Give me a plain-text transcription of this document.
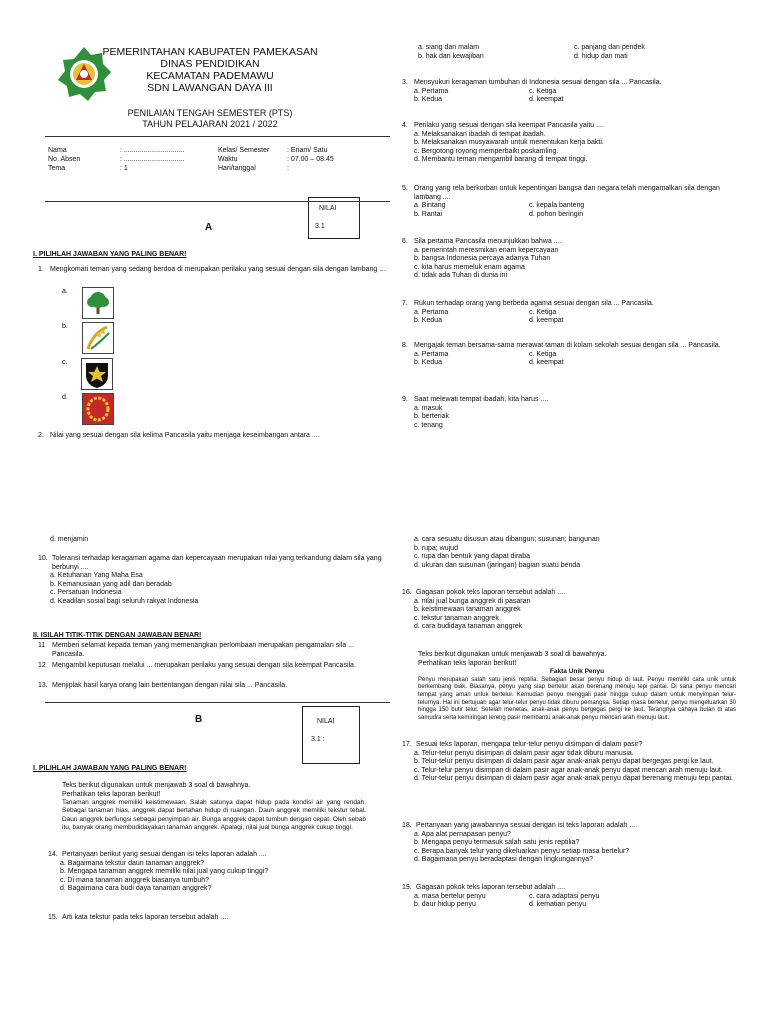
PEMERINTAHAN KABUPATEN PAMEKASAN
DINAS PENDIDIKAN
KECAMATAN PADEMAWU
SDN LAWANGAN DAYA III
PENILAIAN TENGAH SEMESTER (PTS)
TAHUN PELAJARAN 2021 / 2022
Nama	: ...............................	Kelas/ Semester	: Enam/ Satu
No. Absen	: ...............................	Waktu	: 07.00 – 08.45
Tema	: 1	Hari/tanggal	:
NILAI
3.1
A
I. PILIHLAH JAWABAN YANG PALING BENAR!
1. Mengkomati teman yang sedang berdoa di merupakan perilaku yang sesuai dengan sila dengan lambang ....
a.
b.
c.
d.
2. Nilai yang sesuai dengan sila kelima Pancasila yaitu menjaga keseimbangan antara ....
d. menjamin
10. Toleransi terhadap keragaman agama dan kepercayaan merupakan nilai yang terkandung dalam sila yang berbunyi ....
a. Ketuhanan Yang Maha Esa
b. Kemanusiaan yang adil dan beradab
c. Persatuan Indonesia
d. Keadilan sosial bagi seluruh rakyat Indonesia
II. ISILAH TITIK-TITIK DENGAN JAWABAN BENAR!
11 Memberi selamat kepada teman yang memenangkan perlombaan merupakan pengamalan sila ... Pancasila.
12 Mengambil keputusan melalui ... merupakan perilaku yang sesuai dengan sila keempat Pancasila.
13. Menjiplak hasil karya orang lain bertentangan dengan nilai sila ... Pancasila.
B	NILAI
3.1 :
I. PILIHLAH JAWABAN YANG PALING BENAR!
Teks berikut digunakan untuk menjawab 3 soal di bawahnya.
Perhatikan teks laporan berikut!
Tanaman anggrek memiliki keistimewaan. Salah satunya dapat hidup pada kondisi air yang rendah. Sebagai tanaman hias, anggrek dapat bertahan hidup di ruangan. Daun anggrek memiliki tekstur tebal. Daun anggrek berfungsi sebagai penyimpan air. Bunga anggrek dapat tumbuh dengan cepat. Oleh sebab itu, banyak orang membudidayakan tanaman anggrek. Apalagi, nilai jual bunga anggrek cukup tinggi.
14. Pertanyaan berikut yang sesuai dengan isi teks laporan adalah ....
a. Bagaimana tekstur daun tanaman anggrek?
b. Mengapa tanaman anggrek memiliki nilai jual yang cukup tinggi?
c. Di mana tanaman anggrek biasanya tumbuh?
d. Bagaimana cara budi daya tanaman anggrek?
15. Arti kata tekstur pada teks laporan tersebut adalah ....
a. siang dan malam	c. panjang dan pendek
b. hak dan kewajiban	d. hidup dan mati
3. Mensyukuri keragaman tumbuhan di Indonesia sesuai dengan sila ... Pancasila.
a. Pertama	c. Ketiga
b. Kedua	d. keempat
4. Perilaku yang sesuai dengan sila keempat Pancasila yaitu ....
a. Melaksanakan ibadah di tempat ibadah.
b. Melaksanakan musyawarah untuk menentukan kerja bakti.
c. Bergotong royong memperbaiki poskamling.
d. Membantu teman mengambil barang di tempat tinggi.
5. Orang yang rela berkorban untuk kepentingan bangsa dan negara telah mengamalkan sila dengan lambang ....
a. Bintang	c. kepala banteng
b. Rantai	d. pohon beringin
6. Sila pertama Pancasila menunjukkan bahwa ....
a. pemerintah meresmikan enam kepercayaan
b. bangsa Indonesia percaya adanya Tuhan
c. kita harus memeluk enam agama
d. tidak ada Tuhan di dunia ini
7. Rukun terhadap orang yang berbeda agama sesuai dengan sila ... Pancasila.
a. Pertama	c. Ketiga
b. Kedua	d. keempat
8. Mengajak teman bersama-sama merawat taman di kolam sekolah sesuai dengan sila ... Pancasila.
a. Pertama	c. Ketiga
b. Kedua	d. keempat
9. Saat melewati tempat ibadah, kita harus ....
a. masuk
b. berteriak
c. tenang
a. cara sesuatu disusun atau dibangun; susunan; bangunan
b. rupa; wujud
c. rupa dan bentuk yang dapat diraba
d. ukuran dan susunan (jaringan) bagian suatu benda
16. Gagasan pokok teks laporan tersebut adalah ....
a. nilai jual bunga anggrek di pasaran
b. keistimewaan tanaman anggrek
c. tekstur tanaman anggrek
d. cara budidaya tanaman anggrek
Teks berikut digunakan untuk menjawab 3 soal di bawahnya.
Perhatikan teks laporan berikut!
Fakta Unik Penyu
Penyu merupakan salah satu jenis reptilia. Sebagian besar penyu hidup di laut. Penyu memiliki cara unik untuk berkembang biak. Biasanya, penyu yang siap bertelur akan berenang menuju tepi pantai. Di sana penyu mencari tempat yang aman untuk bertelur. Kemudian penyu menggali pasir hingga cukup dalam untuk menyimpan telur-telurnya. Hal ini bertujuan agar telur-telur penyu tidak diburu pemangsa. Setiap masa bertelur, penyu mengeluarkan 30 hingga 150 butir telur. Setelah menetas, anak-anak penyu bergegas pergi ke laut. Terangnya cahaya bulan di atas samudra serta kemiringan lereng pasir membantu anak-anak penyu mencari arah menuju laut.
17. Sesuai teks laporan, mengapa telur-telur penyu disimpan di dalam pasir?
a. Telur-telur penyu disimpan di dalam pasir agar tidak diburu manusia.
b. Telur-telur penyu disimpan di dalam pasir agar anak-anak penyu dapat bergegas pergi ke laut.
c. Telur-telur penyu disimpan di dalam pasir agar anak-anak penyu dapat mencari arah menuju laut.
d. Telur-telur penyu disimpan di dalam pasir agar anak-anak penyu dapat berenang menuju tepi pantai.
18. Pertanyaan yang jawabannya sesuai dengan isi teks laporan adalah ....
a. Apa alat pernapasan penyu?
b. Mengapa penyu termasuk salah satu jenis reptilia?
c. Berapa banyak telur yang dikeluarkan penyu setiap masa bertelur?
d. Bagaimana penyu beradaptasi dengan lingkungannya?
19. Gagasan pokok teks laporan tersebut adalah ....
a. masa bertelur penyu	c. cara adaptasi penyu
b. daur hidup penyu	d. kematian penyu
